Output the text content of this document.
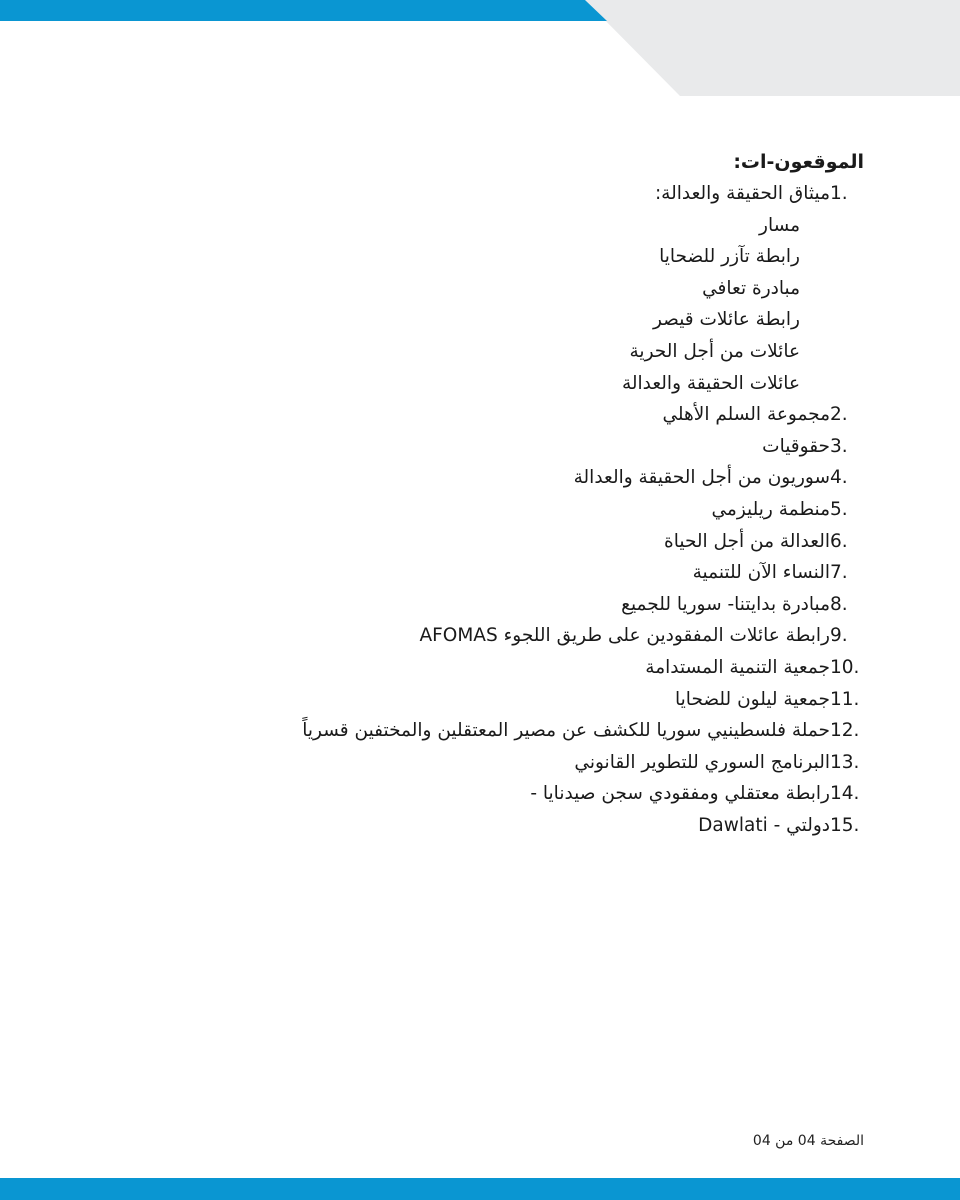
الموقعون-ات:

1.ميثاق الحقيقة والعدالة:
مسار
رابطة تآزر للضحايا
مبادرة تعافي
رابطة عائلات قيصر
عائلات من أجل الحرية
عائلات الحقيقة والعدالة
2.مجموعة السلم الأهلي
3.حقوقيات
4.سوريون من أجل الحقيقة والعدالة
5.منطمة ريليزمي
6.العدالة من أجل الحياة
7.النساء الآن للتنمية
8.مبادرة بدايتنا- سوريا للجميع
9.رابطة عائلات المفقودين على طريق اللجوء AFOMAS
10.جمعية التنمية المستدامة
11.جمعية ليلون للضحايا
12.حملة فلسطينيي سوريا للكشف عن مصير المعتقلين والمختفين قسرياً
13.البرنامج السوري للتطوير القانوني
14.رابطة معتقلي ومفقودي سجن صيدنايا -
15.دولتي - Dawlati
الصفحة 04 من 04
